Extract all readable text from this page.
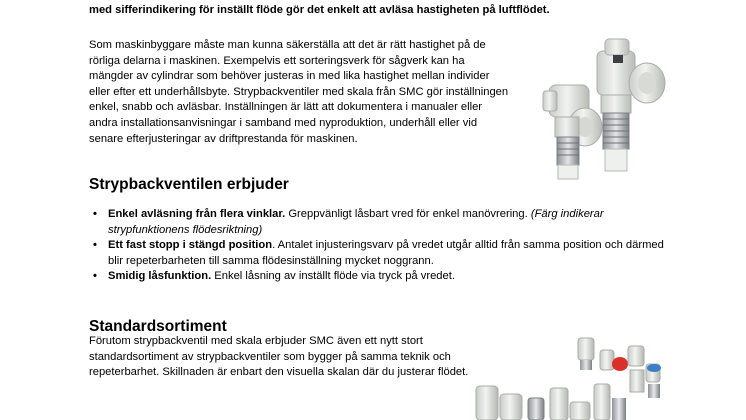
med sifferindikering för inställt flöde gör det enkelt att avläsa hastigheten på luftflödet.

Som maskinbyggare måste man kunna säkerställa att det är rätt hastighet på de rörliga delarna i maskinen. Exempelvis ett sorteringsverk för sågverk kan ha mängder av cylindrar som behöver justeras in med lika hastighet mellan individer eller efter ett underhållsbyte. Strypbackventiler med skala från SMC gör inställningen enkel, snabb och avläsbar. Inställningen är lätt att dokumentera i manualer eller andra installationsanvisningar i samband med nyproduktion, underhåll eller vid senare efterjusteringar av driftprestanda för maskinen.

Strypbackventilen erbjuder
• Enkel avläsning från flera vinklar. Greppvänligt låsbart vred för enkel manövrering. (Färg indikerar strypfunktionens flödesriktning)
• Ett fast stopp i stängd position. Antalet injusteringsvarv på vredet utgår alltid från samma position och därmed blir repeterbarheten till samma flödesinställning mycket noggrann.
• Smidig låsfunktion. Enkel låsning av inställt flöde via tryck på vredet.
Standardsortiment

Förutom strypbackventil med skala erbjuder SMC även ett nytt stort standardsortiment av strypbackventiler som bygger på samma teknik och repeterbarhet. Skillnaden är enbart den visuella skalan där du justerar flödet.
